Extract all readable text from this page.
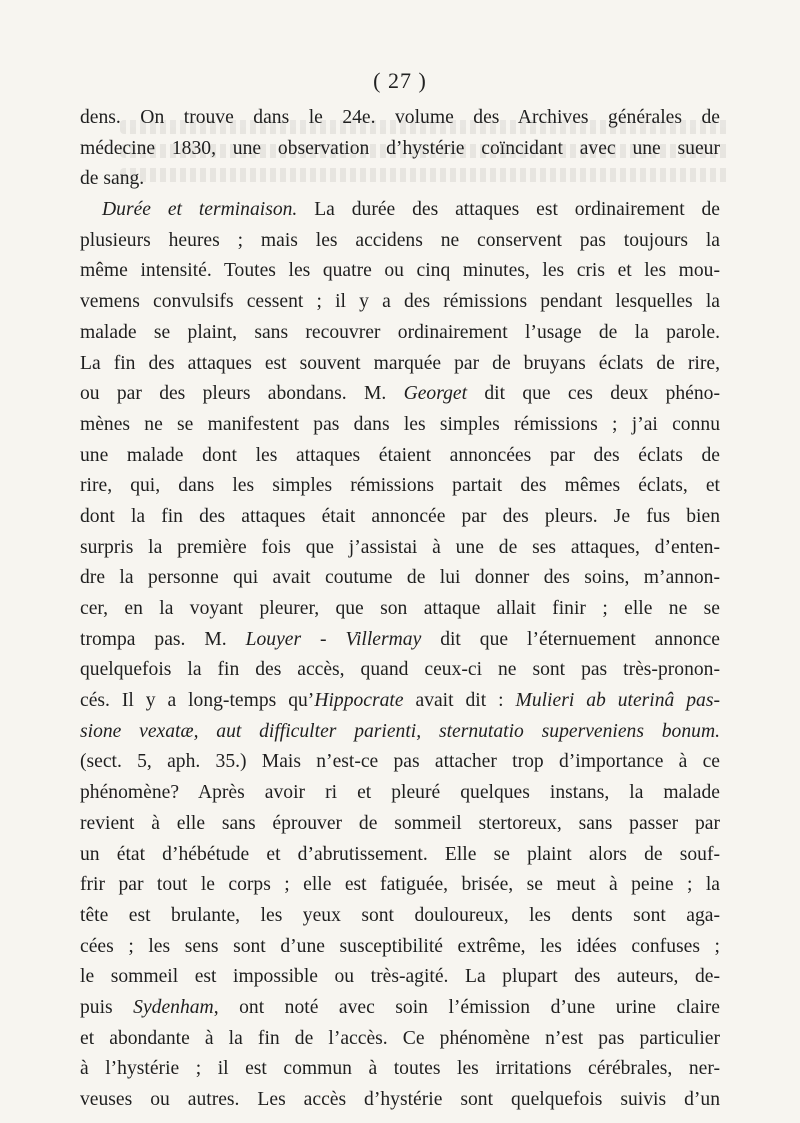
( 27 )
dens. On trouve dans le 24e. volume des Archives générales de
médecine 1830, une observation d’hystérie coïncidant avec une sueur
de sang.
Durée et terminaison. La durée des attaques est ordinairement de
plusieurs heures ; mais les accidens ne conservent pas toujours la
même intensité. Toutes les quatre ou cinq minutes, les cris et les mou-
vemens convulsifs cessent ; il y a des rémissions pendant lesquelles la
malade se plaint, sans recouvrer ordinairement l’usage de la parole.
La fin des attaques est souvent marquée par de bruyans éclats de rire,
ou par des pleurs abondans. M. Georget dit que ces deux phéno-
mènes ne se manifestent pas dans les simples rémissions ; j’ai connu
une malade dont les attaques étaient annoncées par des éclats de
rire, qui, dans les simples rémissions partait des mêmes éclats, et
dont la fin des attaques était annoncée par des pleurs. Je fus bien
surpris la première fois que j’assistai à une de ses attaques, d’enten-
dre la personne qui avait coutume de lui donner des soins, m’annon-
cer, en la voyant pleurer, que son attaque allait finir ; elle ne se
trompa pas. M. Louyer - Villermay dit que l’éternuement annonce
quelquefois la fin des accès, quand ceux-ci ne sont pas très-pronon-
cés. Il y a long-temps qu’Hippocrate avait dit : Mulieri ab uterinâ pas-
sione vexatæ, aut difficulter parienti, sternutatio superveniens bonum.
(sect. 5, aph. 35.) Mais n’est-ce pas attacher trop d’importance à ce
phénomène? Après avoir ri et pleuré quelques instans, la malade
revient à elle sans éprouver de sommeil stertoreux, sans passer par
un état d’hébétude et d’abrutissement. Elle se plaint alors de souf-
frir par tout le corps ; elle est fatiguée, brisée, se meut à peine ; la
tête est brulante, les yeux sont douloureux, les dents sont aga-
cées ; les sens sont d’une susceptibilité extrême, les idées confuses ;
le sommeil est impossible ou très-agité. La plupart des auteurs, de-
puis Sydenham, ont noté avec soin l’émission d’une urine claire
et abondante à la fin de l’accès. Ce phénomène n’est pas particulier
à l’hystérie ; il est commun à toutes les irritations cérébrales, ner-
veuses ou autres. Les accès d’hystérie sont quelquefois suivis d’un
